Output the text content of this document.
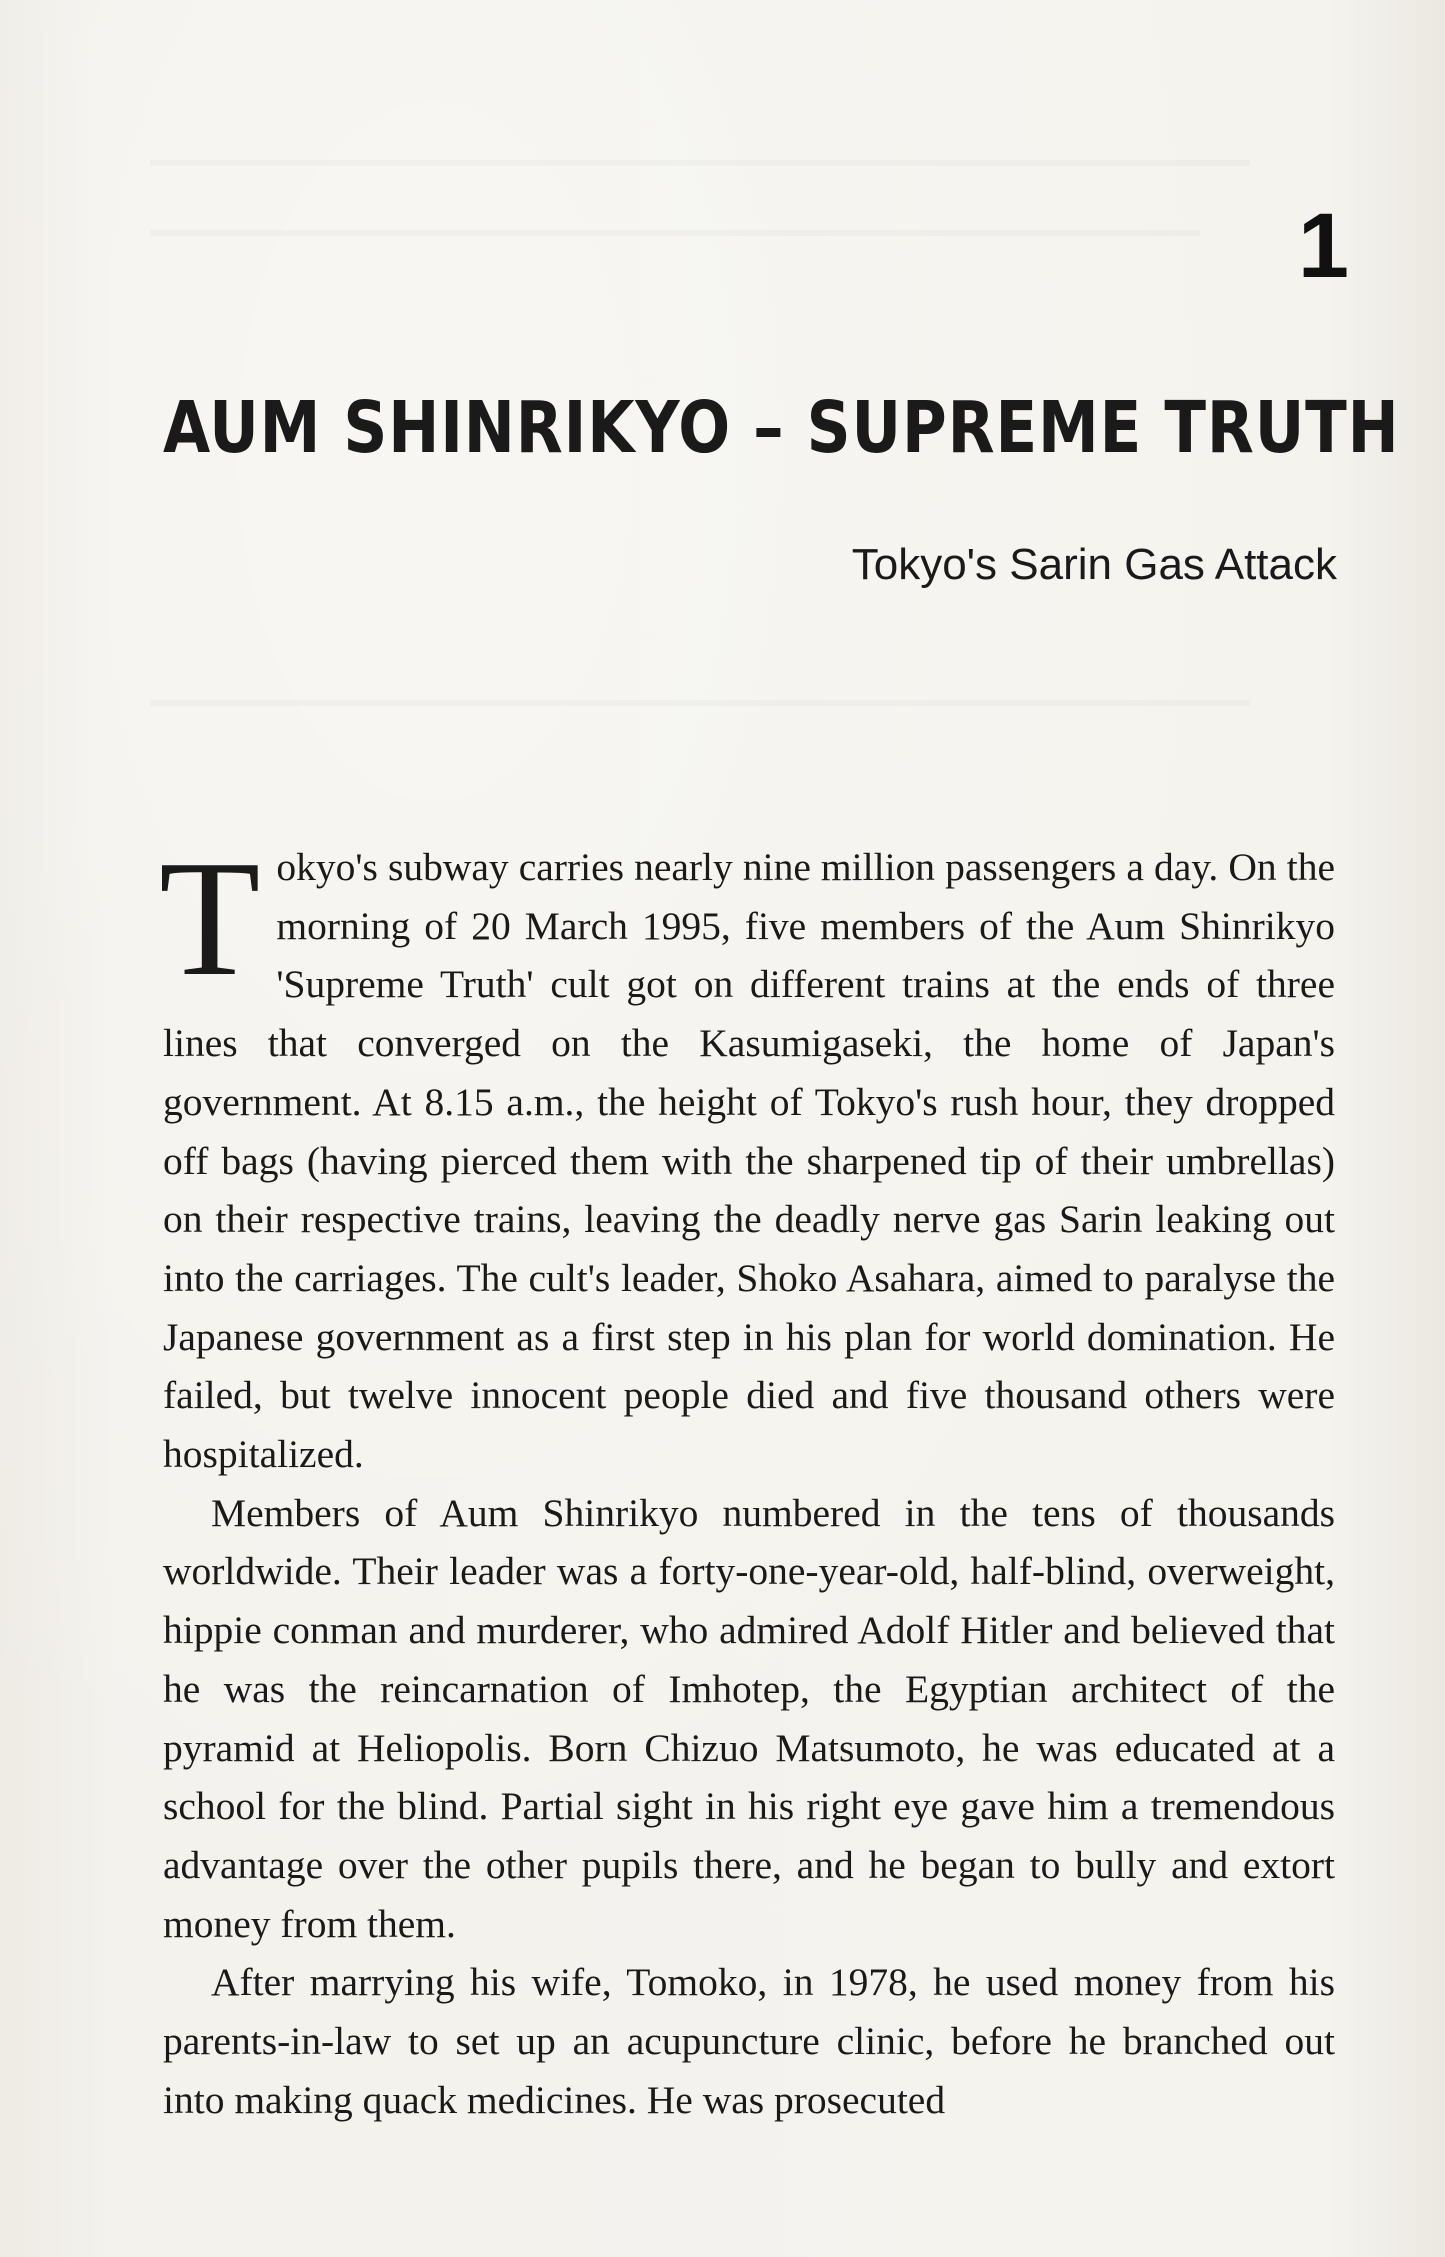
1
AUM SHINRIKYO – SUPREME TRUTH
Tokyo's Sarin Gas Attack

Tokyo's subway carries nearly nine million passengers a day. On the morning of 20 March 1995, five members of the Aum Shinrikyo 'Supreme Truth' cult got on different trains at the ends of three lines that converged on the Kasumigaseki, the home of Japan's government. At 8.15 a.m., the height of Tokyo's rush hour, they dropped off bags (having pierced them with the sharpened tip of their umbrellas) on their respective trains, leaving the deadly nerve gas Sarin leaking out into the carriages. The cult's leader, Shoko Asahara, aimed to paralyse the Japanese government as a first step in his plan for world domination. He failed, but twelve innocent people died and five thousand others were hospitalized.

Members of Aum Shinrikyo numbered in the tens of thousands worldwide. Their leader was a forty-one-year-old, half-blind, overweight, hippie conman and murderer, who admired Adolf Hitler and believed that he was the reincarnation of Imhotep, the Egyptian architect of the pyramid at Heliopolis. Born Chizuo Matsumoto, he was educated at a school for the blind. Partial sight in his right eye gave him a tremendous advantage over the other pupils there, and he began to bully and extort money from them.

After marrying his wife, Tomoko, in 1978, he used money from his parents-in-law to set up an acupuncture clinic, before he branched out into making quack medicines. He was prosecuted
